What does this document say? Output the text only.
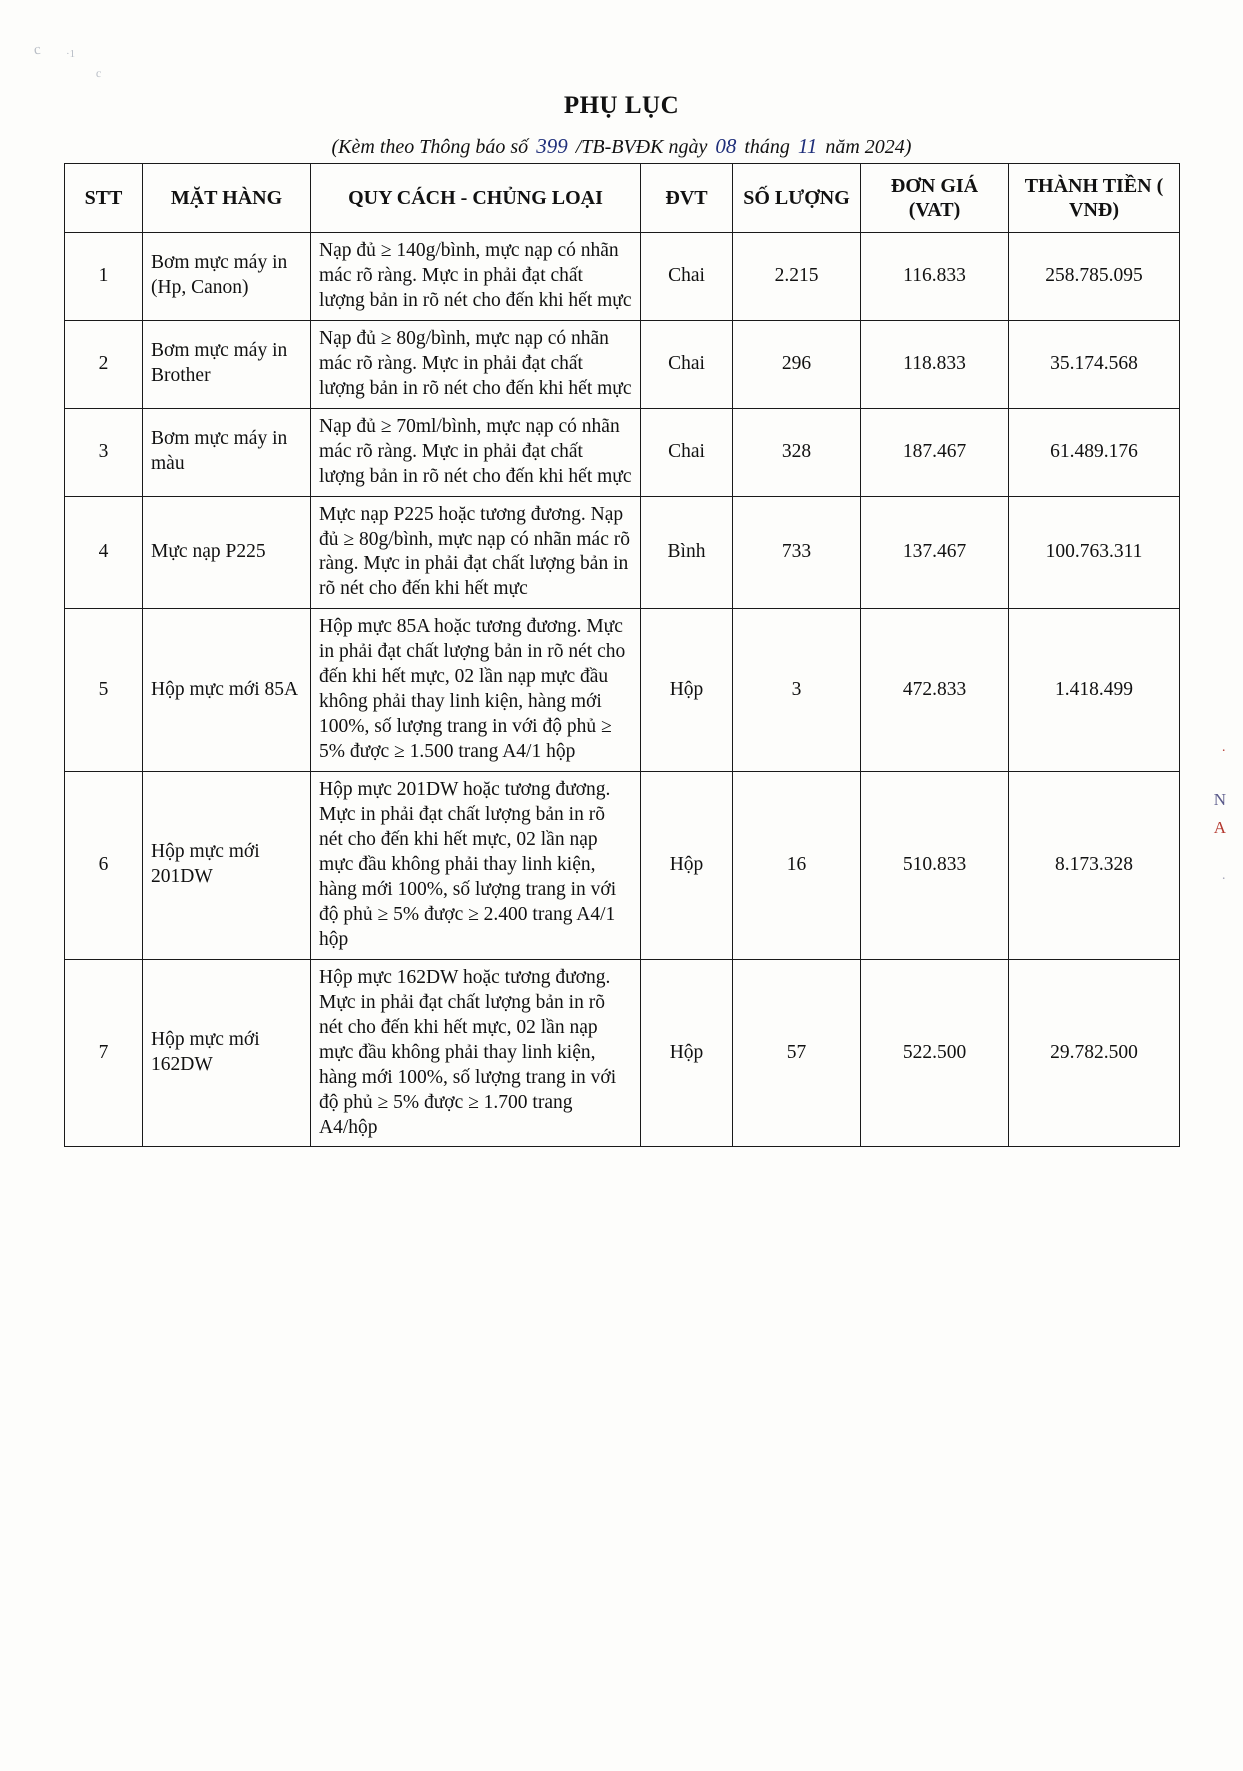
c ·1
c
·
N
A
·
PHỤ LỤC
(Kèm theo Thông báo số 399 /TB-BVĐK ngày 08 tháng 11 năm 2024)
STT	MẶT HÀNG	QUY CÁCH - CHỦNG LOẠI	ĐVT	SỐ LƯỢNG	ĐƠN GIÁ (VAT)	THÀNH TIỀN ( VNĐ)
1	Bơm mực máy in (Hp, Canon)	Nạp đủ ≥ 140g/bình, mực nạp có nhãn mác rõ ràng. Mực in phải đạt chất lượng bản in rõ nét cho đến khi hết mực	Chai	2.215	116.833	258.785.095
2	Bơm mực máy in Brother	Nạp đủ ≥ 80g/bình, mực nạp có nhãn mác rõ ràng. Mực in phải đạt chất lượng bản in rõ nét cho đến khi hết mực	Chai	296	118.833	35.174.568
3	Bơm mực máy in màu	Nạp đủ ≥ 70ml/bình, mực nạp có nhãn mác rõ ràng. Mực in phải đạt chất lượng bản in rõ nét cho đến khi hết mực	Chai	328	187.467	61.489.176
4	Mực nạp P225	Mực nạp P225 hoặc tương đương. Nạp đủ ≥ 80g/bình, mực nạp có nhãn mác rõ ràng. Mực in phải đạt chất lượng bản in rõ nét cho đến khi hết mực	Bình	733	137.467	100.763.311
5	Hộp mực mới 85A	Hộp mực 85A hoặc tương đương. Mực in phải đạt chất lượng bản in rõ nét cho đến khi hết mực, 02 lần nạp mực đầu không phải thay linh kiện, hàng mới 100%, số lượng trang in với độ phủ ≥ 5% được ≥ 1.500 trang A4/1 hộp	Hộp	3	472.833	1.418.499
6	Hộp mực mới 201DW	Hộp mực 201DW hoặc tương đương. Mực in phải đạt chất lượng bản in rõ nét cho đến khi hết mực, 02 lần nạp mực đầu không phải thay linh kiện, hàng mới 100%, số lượng trang in với độ phủ ≥ 5% được ≥ 2.400 trang A4/1 hộp	Hộp	16	510.833	8.173.328
7	Hộp mực mới 162DW	Hộp mực 162DW hoặc tương đương. Mực in phải đạt chất lượng bản in rõ nét cho đến khi hết mực, 02 lần nạp mực đầu không phải thay linh kiện, hàng mới 100%, số lượng trang in với độ phủ ≥ 5% được ≥ 1.700 trang A4/hộp	Hộp	57	522.500	29.782.500
